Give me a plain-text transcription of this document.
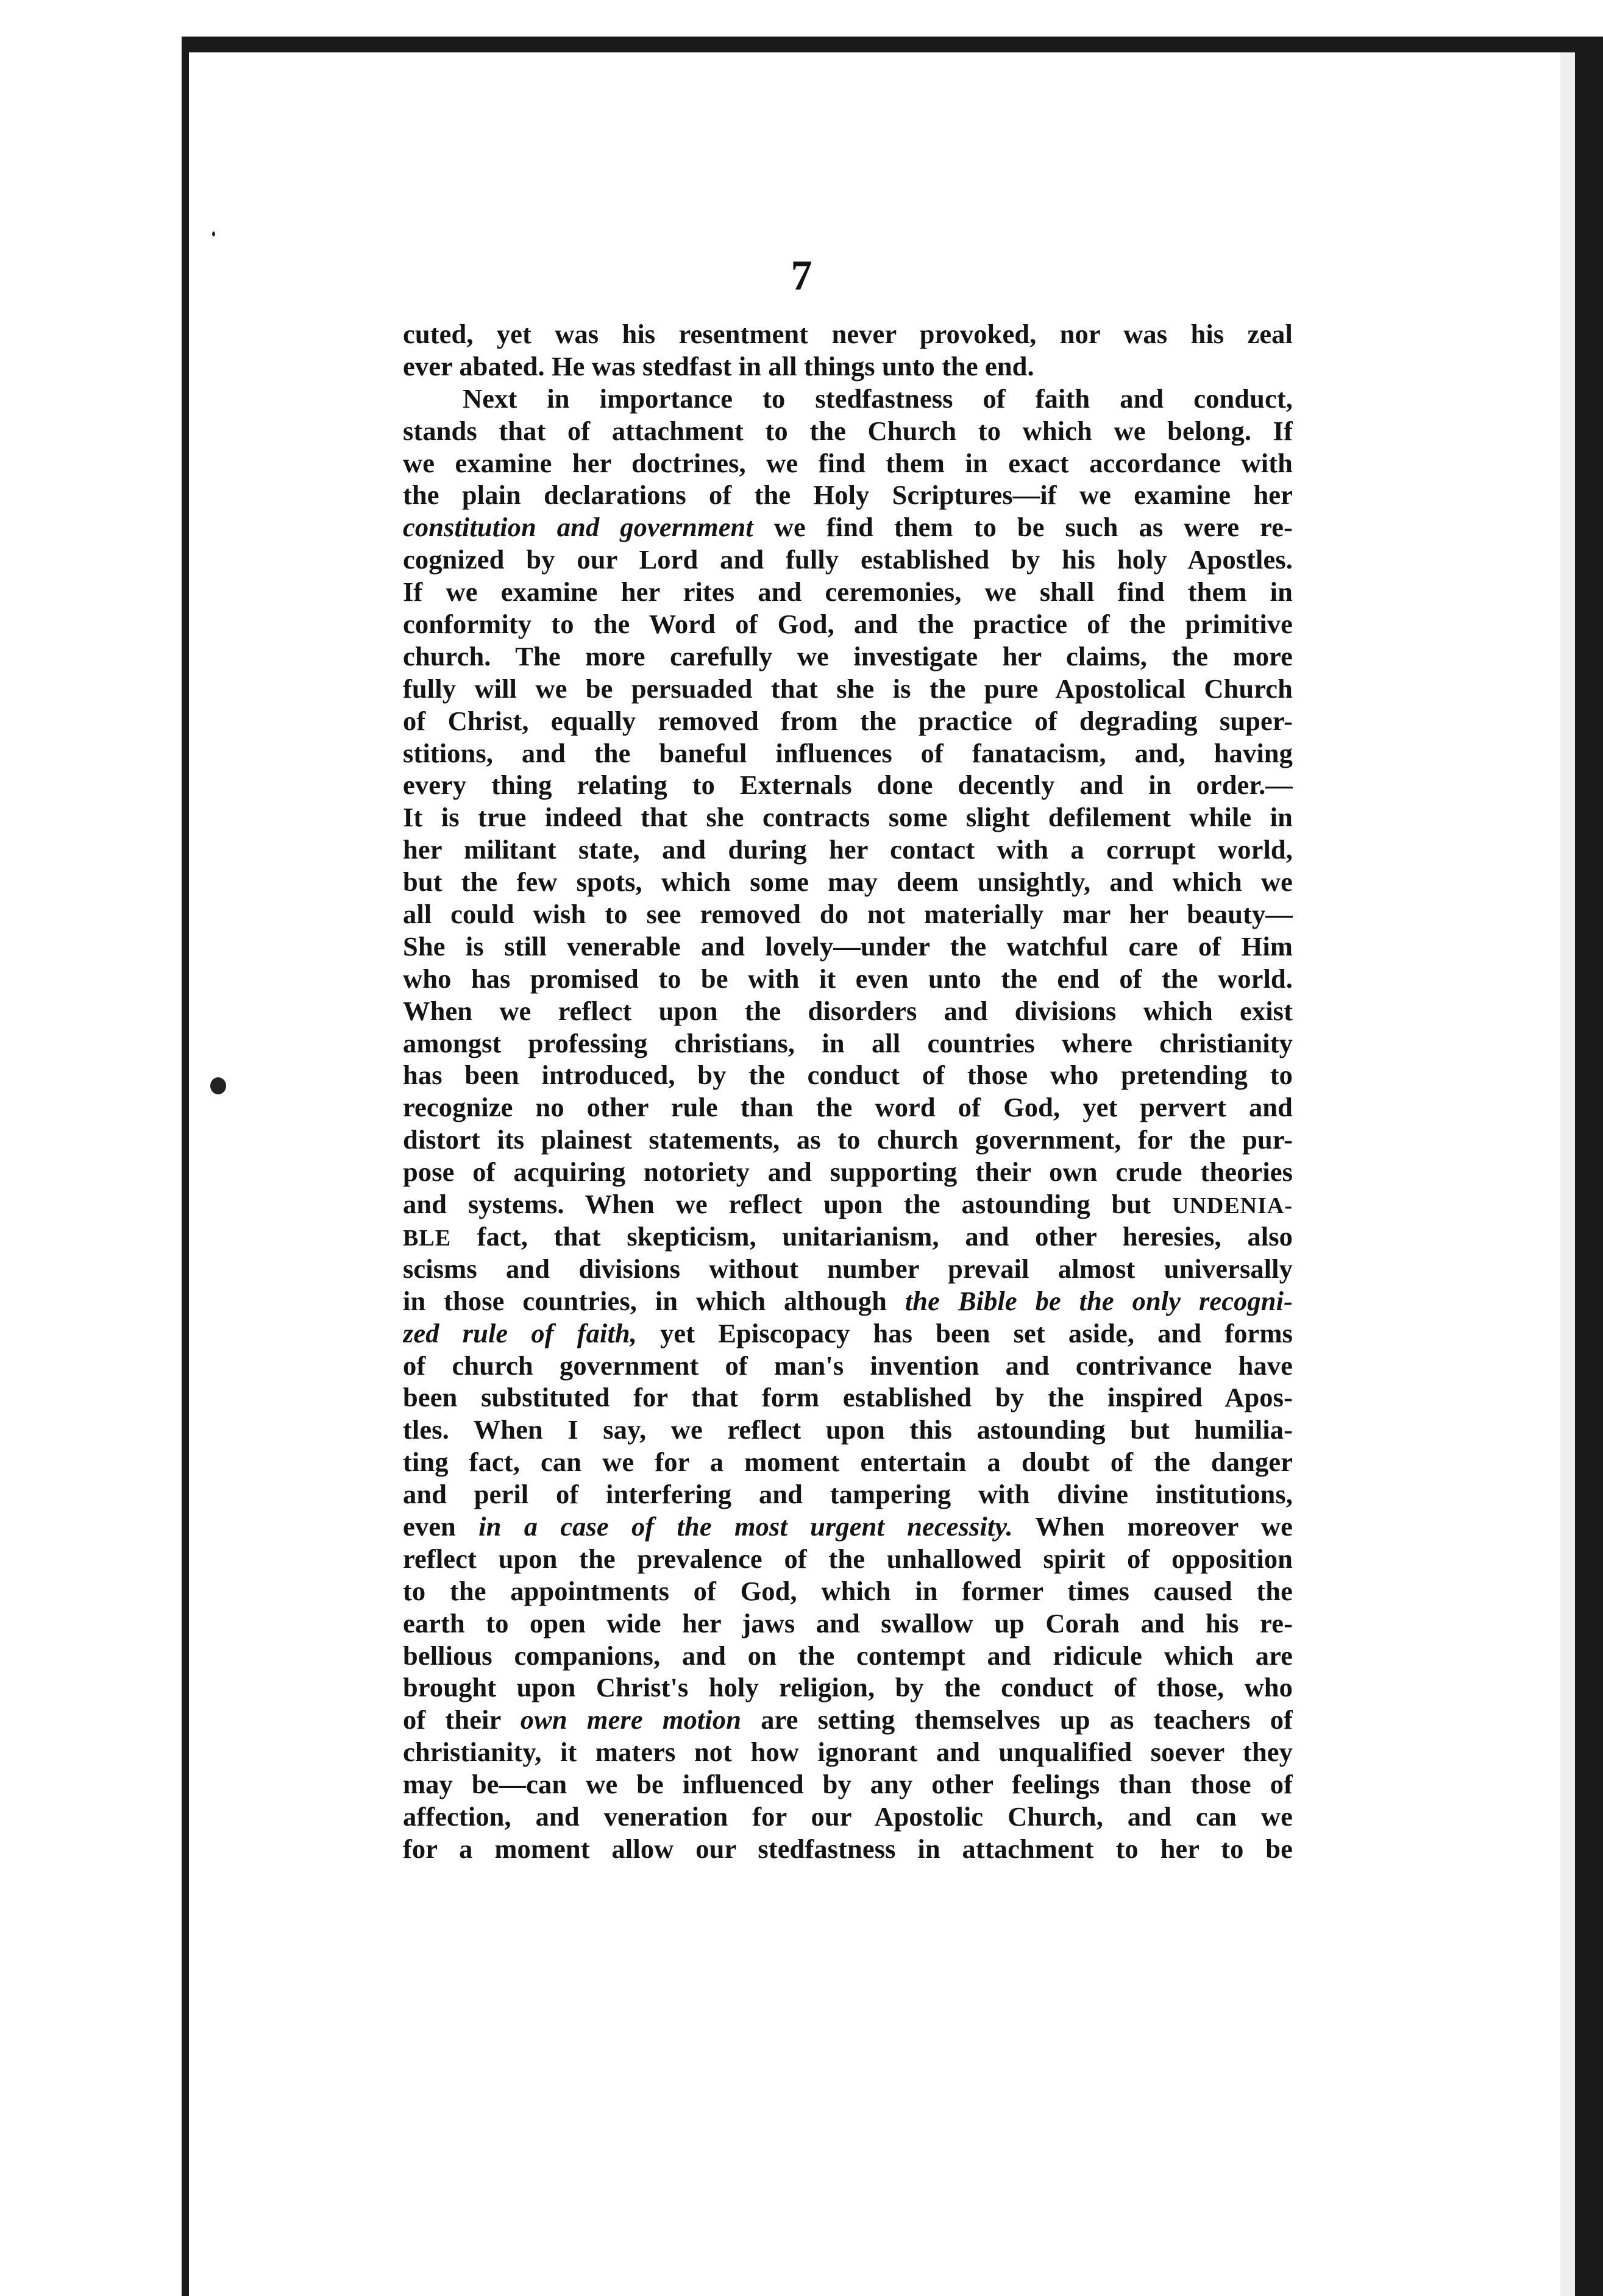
7
cuted, yet was his resentment never provoked, nor was his zeal
ever abated. He was stedfast in all things unto the end.
Next in importance to stedfastness of faith and conduct,
stands that of attachment to the Church to which we belong. If
we examine her doctrines, we find them in exact accordance with
the plain declarations of the Holy Scriptures—if we examine her
constitution and government we find them to be such as were re-
cognized by our Lord and fully established by his holy Apostles.
If we examine her rites and ceremonies, we shall find them in
conformity to the Word of God, and the practice of the primitive
church. The more carefully we investigate her claims, the more
fully will we be persuaded that she is the pure Apostolical Church
of Christ, equally removed from the practice of degrading super-
stitions, and the baneful influences of fanatacism, and, having
every thing relating to Externals done decently and in order.—
It is true indeed that she contracts some slight defilement while in
her militant state, and during her contact with a corrupt world,
but the few spots, which some may deem unsightly, and which we
all could wish to see removed do not materially mar her beauty—
She is still venerable and lovely—under the watchful care of Him
who has promised to be with it even unto the end of the world.
When we reflect upon the disorders and divisions which exist
amongst professing christians, in all countries where christianity
has been introduced, by the conduct of those who pretending to
recognize no other rule than the word of God, yet pervert and
distort its plainest statements, as to church government, for the pur-
pose of acquiring notoriety and supporting their own crude theories
and systems. When we reflect upon the astounding but UNDENIA-
BLE fact, that skepticism, unitarianism, and other heresies, also
scisms and divisions without number prevail almost universally
in those countries, in which although the Bible be the only recogni-
zed rule of faith, yet Episcopacy has been set aside, and forms
of church government of man's invention and contrivance have
been substituted for that form established by the inspired Apos-
tles. When I say, we reflect upon this astounding but humilia-
ting fact, can we for a moment entertain a doubt of the danger
and peril of interfering and tampering with divine institutions,
even in a case of the most urgent necessity. When moreover we
reflect upon the prevalence of the unhallowed spirit of opposition
to the appointments of God, which in former times caused the
earth to open wide her jaws and swallow up Corah and his re-
bellious companions, and on the contempt and ridicule which are
brought upon Christ's holy religion, by the conduct of those, who
of their own mere motion are setting themselves up as teachers of
christianity, it maters not how ignorant and unqualified soever they
may be—can we be influenced by any other feelings than those of
affection, and veneration for our Apostolic Church, and can we
for a moment allow our stedfastness in attachment to her to be
